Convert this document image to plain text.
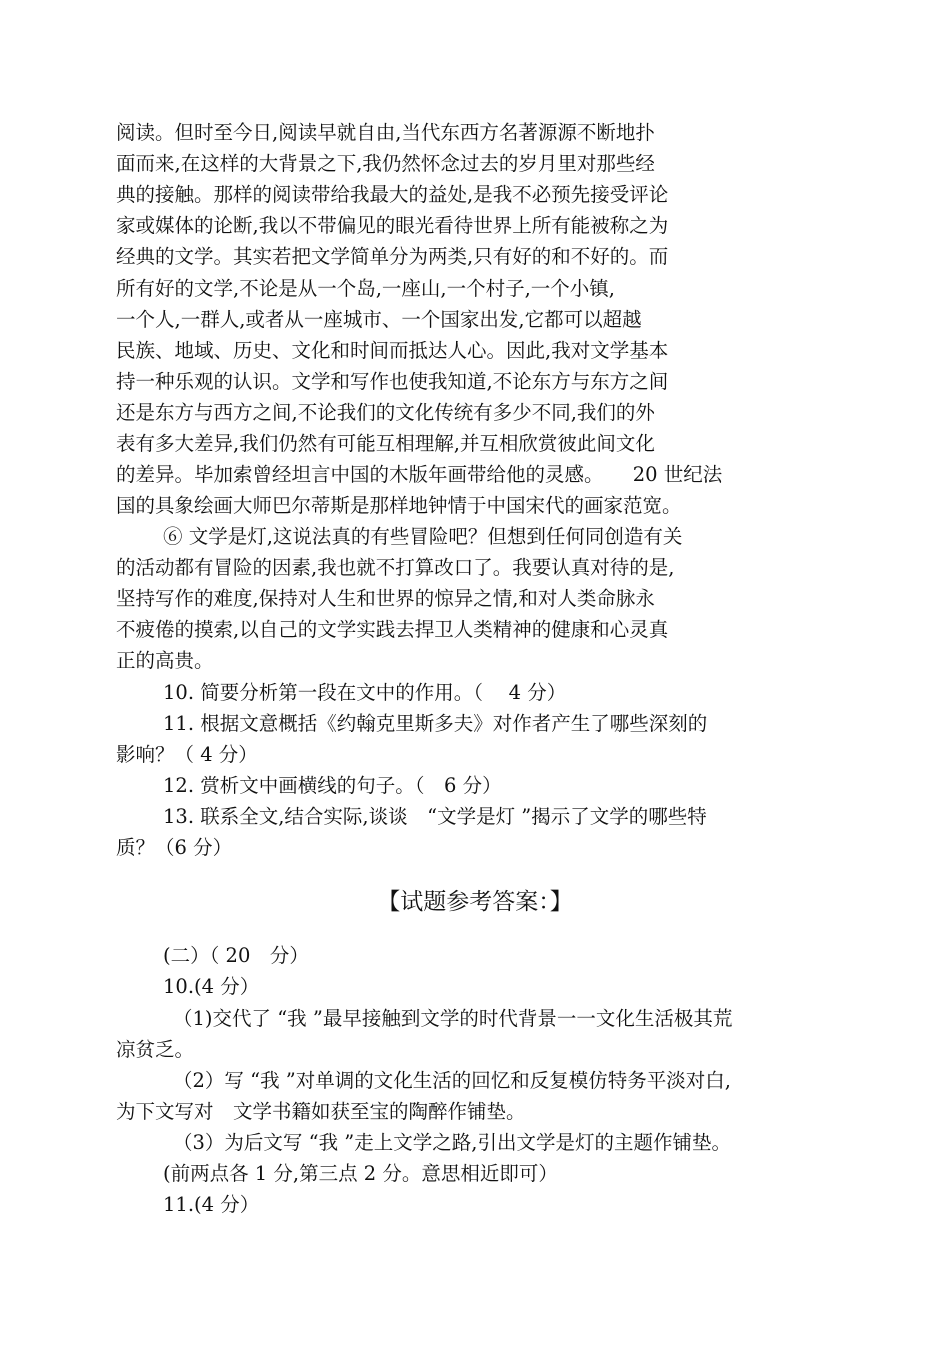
阅读。但时至今日,阅读早就自由,当代东西方名著源源不断地扑
面而来,在这样的大背景之下,我仍然怀念过去的岁月里对那些经
典的接触。那样的阅读带给我最大的益处,是我不必预先接受评论
家或媒体的论断,我以不带偏见的眼光看待世界上所有能被称之为
经典的文学。其实若把文学简单分为两类,只有好的和不好的。而
所有好的文学,不论是从一个岛,一座山,一个村子,一个小镇,
一个人,一群人,或者从一座城市、一个国家出发,它都可以超越
民族、地域、历史、文化和时间而抵达人心。因此,我对文学基本
持一种乐观的认识。文学和写作也使我知道,不论东方与东方之间
还是东方与西方之间,不论我们的文化传统有多少不同,我们的外
表有多大差异,我们仍然有可能互相理解,并互相欣赏彼此间文化
的差异。毕加索曾经坦言中国的木版年画带给他的灵感。　　20 世纪法
国的具象绘画大师巴尔蒂斯是那样地钟情于中国宋代的画家范宽。
⑥ 文学是灯,这说法真的有些冒险吧？但想到任何同创造有关
的活动都有冒险的因素,我也就不打算改口了。我要认真对待的是,
坚持写作的难度,保持对人生和世界的惊异之情,和对人类命脉永
不疲倦的摸索,以自己的文学实践去捍卫人类精神的健康和心灵真
正的高贵。
10. 简要分析第一段在文中的作用。（　 4 分）
11. 根据文意概括《约翰克里斯多夫》对作者产生了哪些深刻的
影响？（ 4 分）
12. 赏析文中画横线的句子。（　6 分）
13. 联系全文,结合实际,谈谈　“文学是灯 ”揭示了文学的哪些特
质？（6 分）
【试题参考答案：】
(二）（ 20　分）
10.(4 分）
（1)交代了 “我 ”最早接触到文学的时代背景一一文化生活极其荒
凉贫乏。
（2）写 “我 ”对单调的文化生活的回忆和反复模仿特务平淡对白,
为下文写对　文学书籍如获至宝的陶醉作铺垫。
（3）为后文写 “我 ”走上文学之路,引出文学是灯的主题作铺垫。
(前两点各 1 分,第三点 2 分。意思相近即可）
11.(4 分）
